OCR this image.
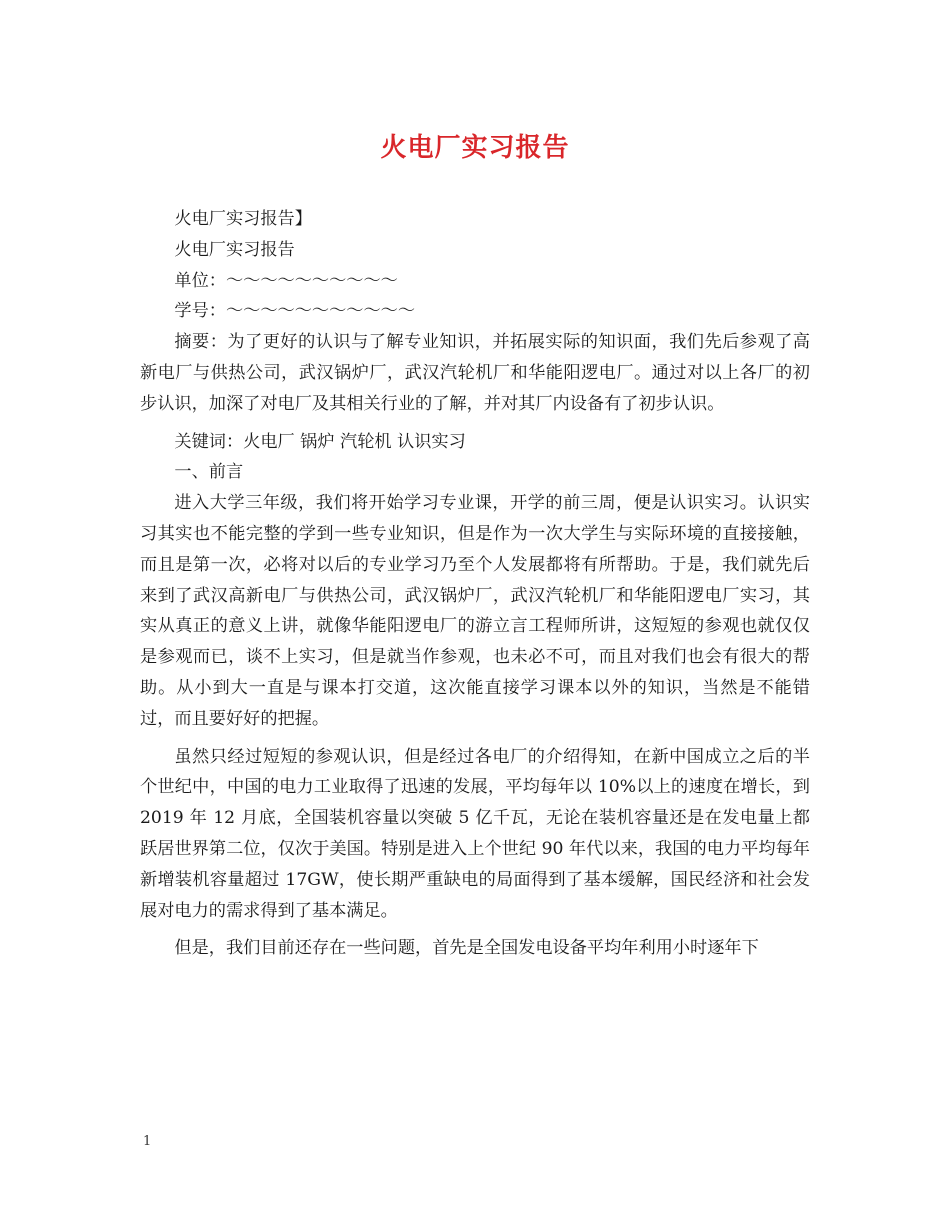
火电厂实习报告

火电厂实习报告】

火电厂实习报告

单位：～～～～～～～～～～

学号：～～～～～～～～～～～

摘要：为了更好的认识与了解专业知识，并拓展实际的知识面，我们先后参观了高新电厂与供热公司，武汉锅炉厂，武汉汽轮机厂和华能阳逻电厂。通过对以上各厂的初步认识，加深了对电厂及其相关行业的了解，并对其厂内设备有了初步认识。

关键词：火电厂 锅炉 汽轮机 认识实习

一、前言

进入大学三年级，我们将开始学习专业课，开学的前三周，便是认识实习。认识实习其实也不能完整的学到一些专业知识，但是作为一次大学生与实际环境的直接接触，而且是第一次，必将对以后的专业学习乃至个人发展都将有所帮助。于是，我们就先后来到了武汉高新电厂与供热公司，武汉锅炉厂，武汉汽轮机厂和华能阳逻电厂实习，其实从真正的意义上讲，就像华能阳逻电厂的游立言工程师所讲，这短短的参观也就仅仅是参观而已，谈不上实习，但是就当作参观，也未必不可，而且对我们也会有很大的帮助。从小到大一直是与课本打交道，这次能直接学习课本以外的知识，当然是不能错过，而且要好好的把握。

虽然只经过短短的参观认识，但是经过各电厂的介绍得知，在新中国成立之后的半个世纪中，中国的电力工业取得了迅速的发展，平均每年以 10%以上的速度在增长，到 2019 年 12 月底，全国装机容量以突破 5 亿千瓦，无论在装机容量还是在发电量上都跃居世界第二位，仅次于美国。特别是进入上个世纪 90 年代以来，我国的电力平均每年新增装机容量超过 17GW，使长期严重缺电的局面得到了基本缓解，国民经济和社会发展对电力的需求得到了基本满足。

但是，我们目前还存在一些问题，首先是全国发电设备平均年利用小时逐年下

1
